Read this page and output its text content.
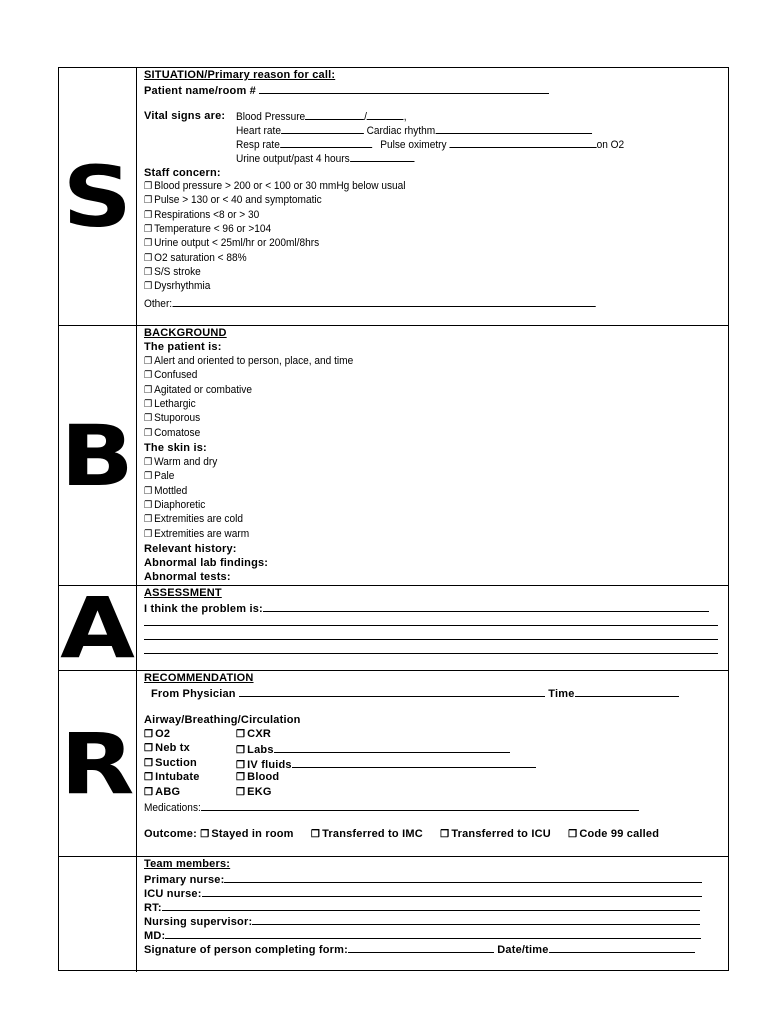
S
SITUATION/Primary reason for call:
Patient name/room #
Vital signs are: Blood Pressure	/	,
Heart rate	Cardiac rhythm
Resp rate	Pulse oximetry	on O2
Urine output/past 4 hours
Staff concern:
❐ Blood pressure > 200 or < 100 or 30 mmHg below usual
❐ Pulse > 130 or < 40 and symptomatic
❐ Respirations <8 or > 30
❐ Temperature < 96 or >104
❐ Urine output < 25ml/hr or 200ml/8hrs
❐ O2 saturation < 88%
❐ S/S stroke
❐ Dysrhythmia
Other:
B
BACKGROUND
The patient is:
❐ Alert and oriented to person, place, and time
❐ Confused
❐ Agitated or combative
❐ Lethargic
❐ Stuporous
❐ Comatose
The skin is:
❐ Warm and dry
❐ Pale
❐ Mottled
❐ Diaphoretic
❐ Extremities are cold
❐ Extremities are warm
Relevant history:
Abnormal lab findings:
Abnormal tests:
A ASSESSMENT
I think the problem is:
R
RECOMMENDATION
From Physician	Time
Airway/Breathing/Circulation
❐ O2
❐ Neb tx
❐ Suction
❐ Intubate
❐ ABG
❐ CXR
❐ Labs
❐ IV fluids
❐ Blood
❐ EKG
Medications:
Outcome: ❐ Stayed in room ❐ Transferred to IMC ❐ Transferred to ICU ❐ Code 99 called
Team members:
Primary nurse:
ICU nurse:
RT:
Nursing supervisor:
MD:
Signature of person completing form:	Date/time
